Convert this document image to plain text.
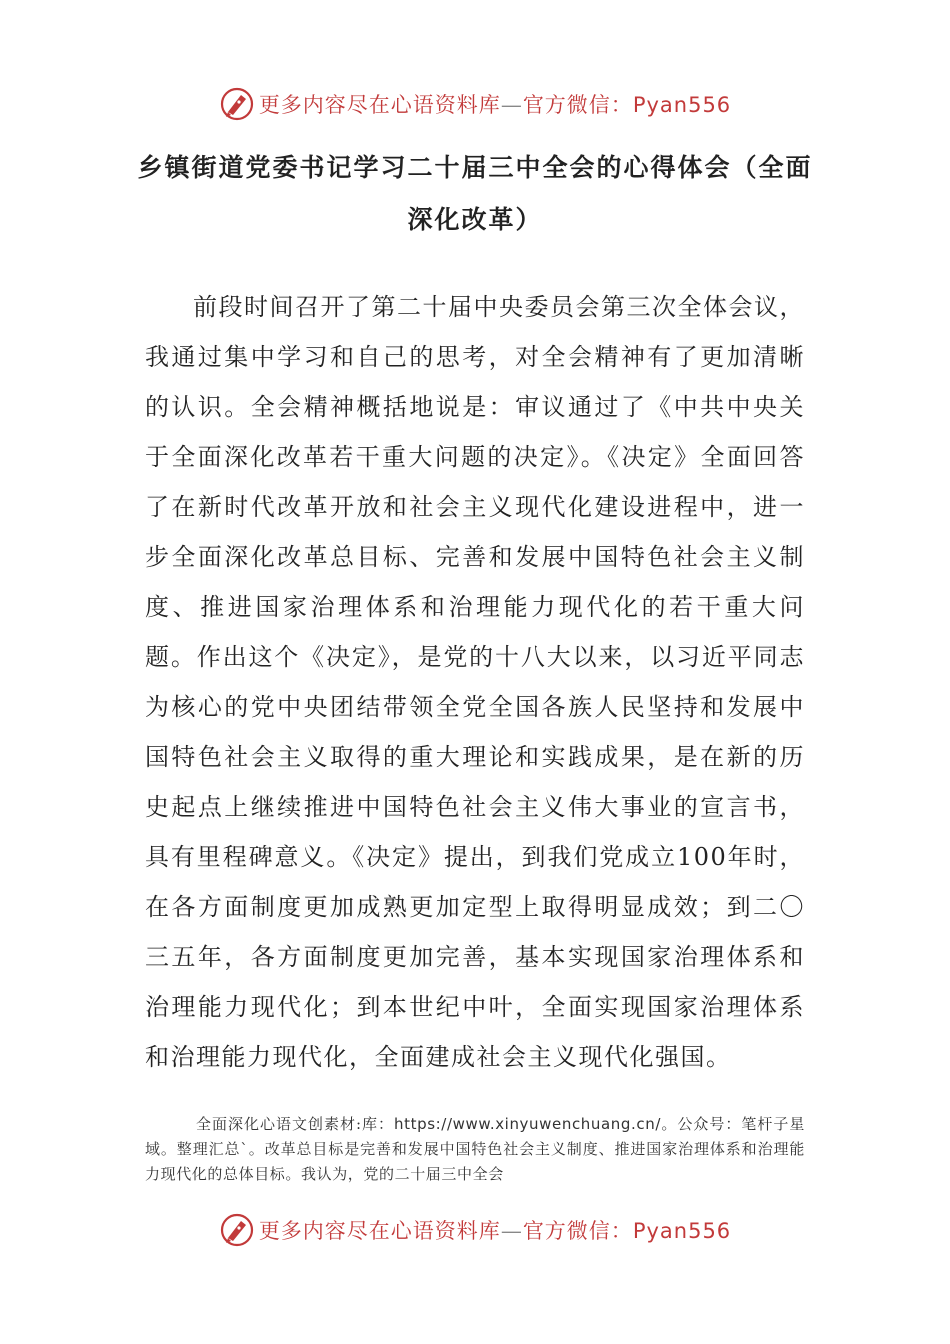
更多内容尽在心语资料库—官方微信：Pyan556
乡镇街道党委书记学习二十届三中全会的心得体会（全面深化改革）
前段时间召开了第二十届中央委员会第三次全体会议，我通过集中学习和自己的思考，对全会精神有了更加清晰的认识。全会精神概括地说是：审议通过了《中共中央关于全面深化改革若干重大问题的决定》。《决定》全面回答了在新时代改革开放和社会主义现代化建设进程中，进一步全面深化改革总目标、完善和发展中国特色社会主义制度、推进国家治理体系和治理能力现代化的若干重大问题。作出这个《决定》，是党的十八大以来，以习近平同志为核心的党中央团结带领全党全国各族人民坚持和发展中国特色社会主义取得的重大理论和实践成果，是在新的历史起点上继续推进中国特色社会主义伟大事业的宣言书，具有里程碑意义。《决定》提出，到我们党成立100年时，在各方面制度更加成熟更加定型上取得明显成效；到二〇三五年，各方面制度更加完善，基本实现国家治理体系和治理能力现代化；到本世纪中叶，全面实现国家治理体系和治理能力现代化，全面建成社会主义现代化强国。
全面深化心语文创素材:库：https://www.xinyuwenchuang.cn/。公众号：笔杆子星域。整理汇总`。改革总目标是完善和发展中国特色社会主义制度、推进国家治理体系和治理能力现代化的总体目标。我认为，党的二十届三中全会
更多内容尽在心语资料库—官方微信：Pyan556
